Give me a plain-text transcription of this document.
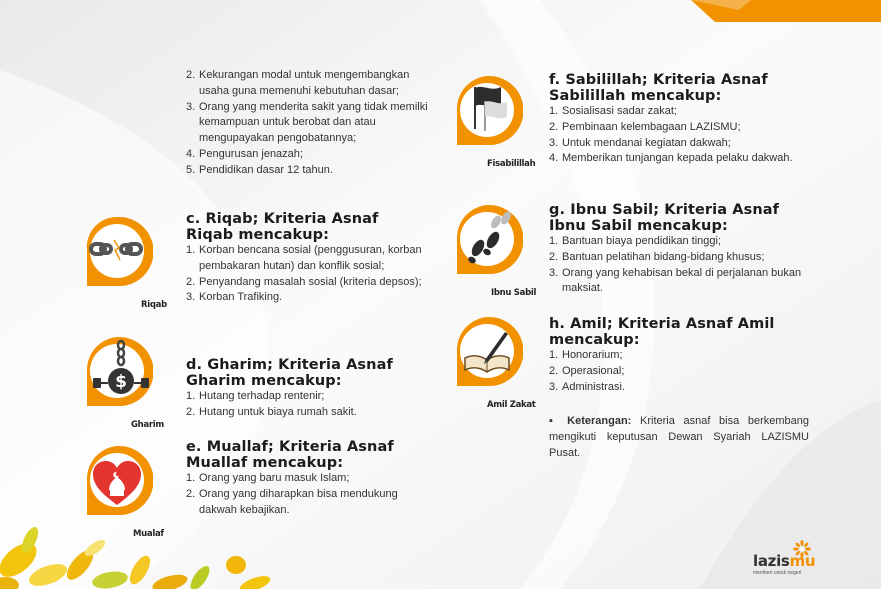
Riqab
$
Gharim
Mualaf
Fisabilillah
Ibnu Sabil
Amil Zakat
2. Kekurangan modal untuk mengembangkan usaha guna memenuhi kebutuhan dasar;
3. Orang yang menderita sakit yang tidak memilki kemampuan untuk berobat dan atau mengupayakan pengobatannya;
4. Pengurusan jenazah;
5. Pendidikan dasar 12 tahun.

c. Riqab; Kriteria Asnaf
Riqab mencakup:

1. Korban bencana sosial (penggusuran, korban pembakaran hutan) dan konflik sosial;
2. Penyandang masalah sosial (kriteria depsos);
3. Korban Trafiking.

d. Gharim; Kriteria Asnaf
Gharim mencakup:

1. Hutang terhadap rentenir;
2. Hutang untuk biaya rumah sakit.

e. Muallaf; Kriteria Asnaf
Muallaf mencakup:

1. Orang yang baru masuk Islam;
2. Orang yang diharapkan bisa mendukung dakwah kebajikan.

f. Sabilillah; Kriteria Asnaf
Sabilillah mencakup:

1. Sosialisasi sadar zakat;
2. Pembinaan kelembagaan LAZISMU;
3. Untuk mendanai kegiatan dakwah;
4. Memberikan tunjangan kepada pelaku dakwah.

g. Ibnu Sabil; Kriteria Asnaf
Ibnu Sabil mencakup:

1. Bantuan biaya pendidikan tinggi;
2. Bantuan pelatihan bidang-bidang khusus;
3. Orang yang kehabisan bekal di perjalanan bukan maksiat.

h. Amil; Kriteria Asnaf Amil
mencakup:

1. Honorarium;
2. Operasional;
3. Administrasi.
▪ Keterangan: Kriteria asnaf bisa berkembang mengikuti keputusan Dewan Syariah LAZISMU Pusat.
lazismu
memberi untuk negeri
